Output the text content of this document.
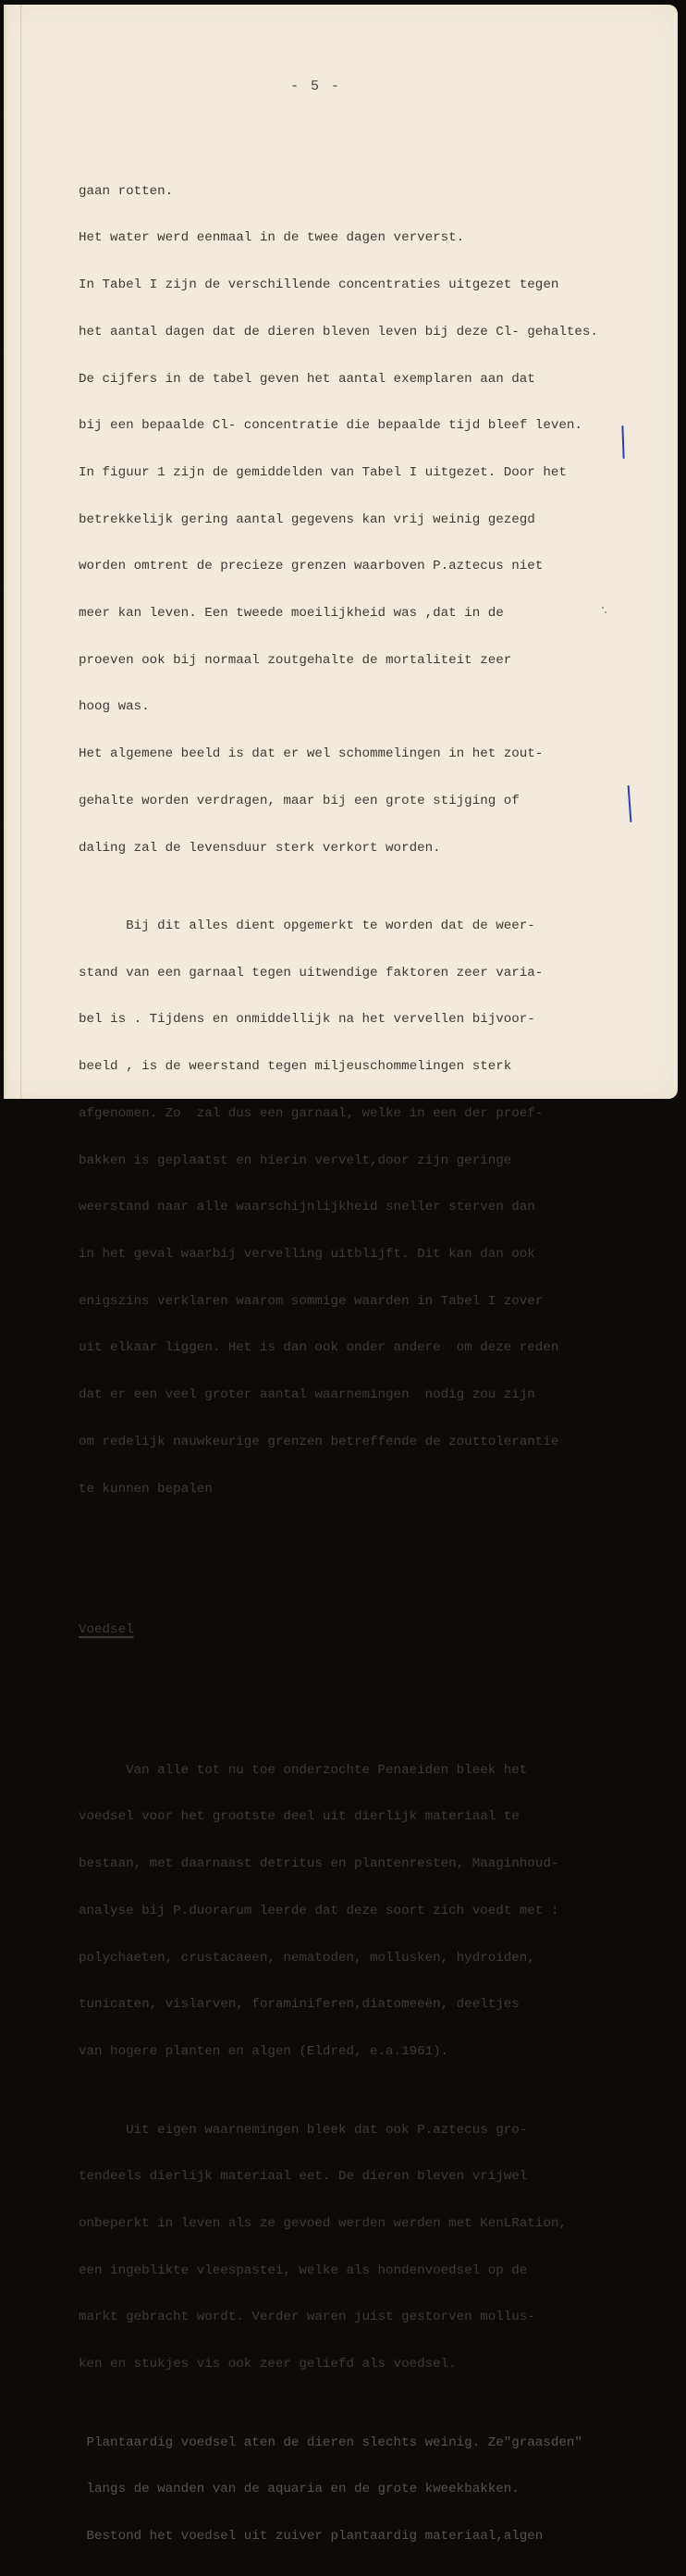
- 5 -

gaan rotten.

Het water werd eenmaal in de twee dagen ververst.

In Tabel I zijn de verschillende concentraties uitgezet tegen

het aantal dagen dat de dieren bleven leven bij deze Cl- gehaltes.

De cijfers in de tabel geven het aantal exemplaren aan dat

bij een bepaalde Cl- concentratie die bepaalde tijd bleef leven.

In figuur 1 zijn de gemiddelden van Tabel I uitgezet. Door het

betrekkelijk gering aantal gegevens kan vrij weinig gezegd

worden omtrent de precieze grenzen waarboven P.aztecus niet

meer kan leven. Een tweede moeilijkheid was ,dat in de

proeven ook bij normaal zoutgehalte de mortaliteit zeer

hoog was.

Het algemene beeld is dat er wel schommelingen in het zout-

gehalte worden verdragen, maar bij een grote stijging of

daling zal de levensduur sterk verkort worden.

Bij dit alles dient opgemerkt te worden dat de weer-

stand van een garnaal tegen uitwendige faktoren zeer varia-

bel is . Tijdens en onmiddellijk na het vervellen bijvoor-

beeld , is de weerstand tegen miljeuschommelingen sterk

afgenomen. Zo  zal dus een garnaal, welke in een der proef-

bakken is geplaatst en hierin vervelt,door zijn geringe

weerstand naar alle waarschijnlijkheid sneller sterven dan

in het geval waarbij vervelling uitblijft. Dit kan dan ook

enigszins verklaren waarom sommige waarden in Tabel I zover

uit elkaar liggen. Het is dan ook onder andere  om deze reden

dat er een veel groter aantal waarnemingen  nodig zou zijn

om redelijk nauwkeurige grenzen betreffende de zouttolerantie

te kunnen bepalen

Voedsel

Van alle tot nu toe onderzochte Penaeiden bleek het

voedsel voor het grootste deel uit dierlijk materiaal te

bestaan, met daarnaast detritus en plantenresten, Maaginhoud-

analyse bij P.duorarum leerde dat deze soort zich voedt met :

polychaeten, crustacaeen, nematoden, mollusken, hydroiden,

tunicaten, vislarven, foraminiferen,diatomeeën, deeltjes

van hogere planten en algen (Eldred, e.a.1961).

Uit eigen waarnemingen bleek dat ook P.aztecus gro-

tendeels dierlijk materiaal eet. De dieren bleven vrijwel

onbeperkt in leven als ze gevoed werden werden met KenLRation,

een ingeblikte vleespastei, welke als hondenvoedsel op de

markt gebracht wordt. Verder waren juist gestorven mollus-

ken en stukjes vis ook zeer geliefd als voedsel.

Plantaardig voedsel aten de dieren slechts weinig. Ze"graasden"

langs de wanden van de aquaria en de grote kweekbakken.

Bestond het voedsel uit zuiver plantaardig materiaal,algen
